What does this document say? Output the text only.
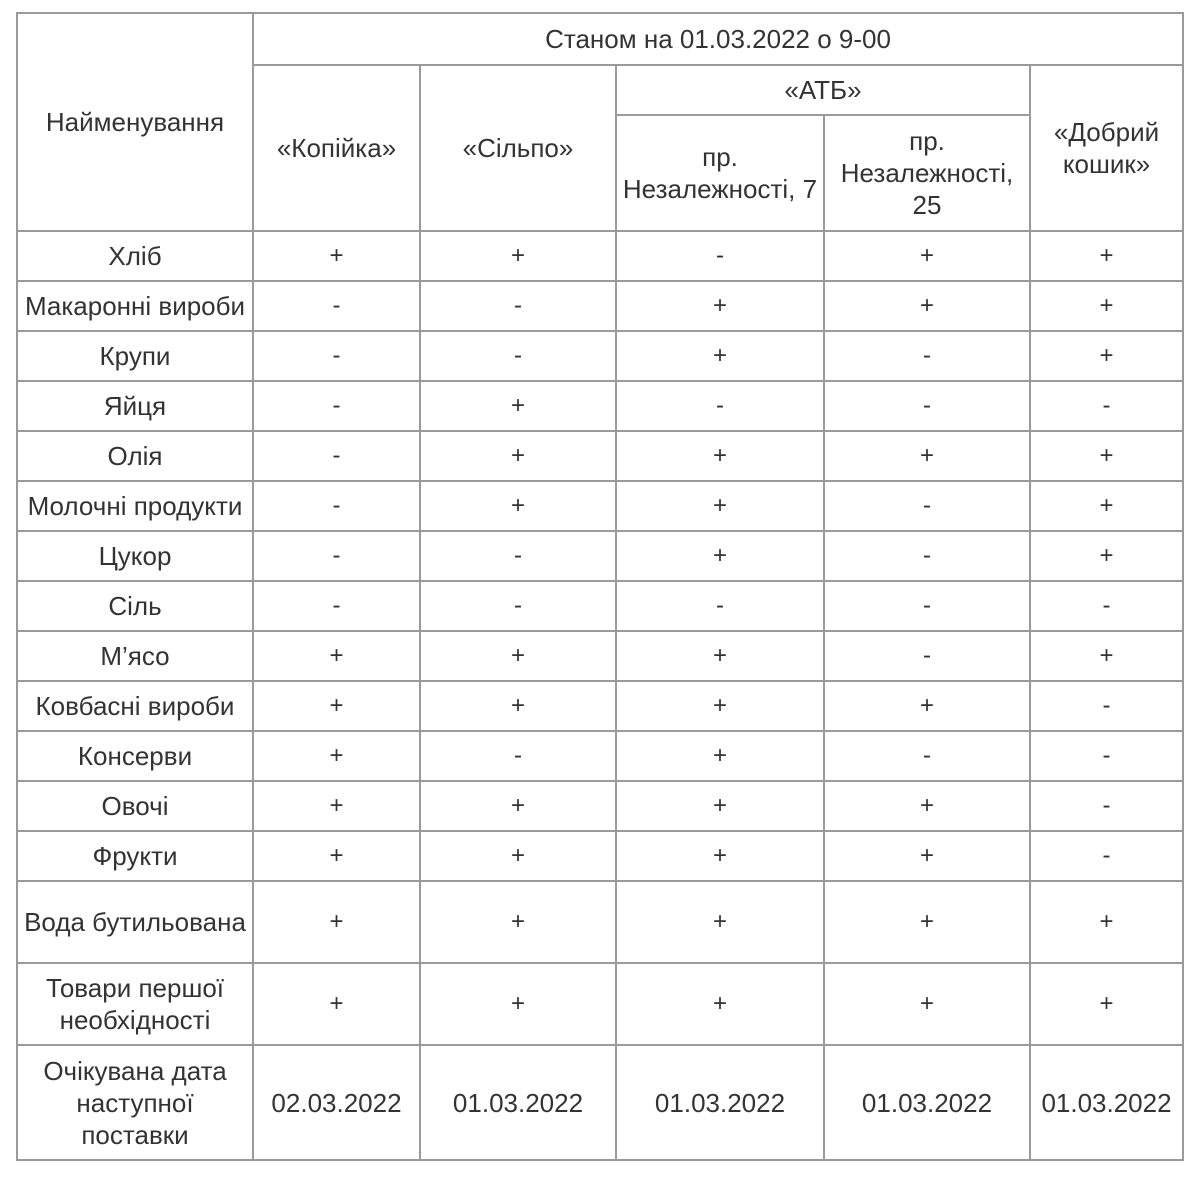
Найменування	Станом на 01.03.2022 о 9-00				
	«Копійка»	«Сільпо»	«АТБ»		«Добрий кошик»
			пр. Незалежності, 7	пр. Незалежності, 25	
Хліб	+	+	-	+	+
Макаронні вироби	-	-	+	+	+
Крупи	-	-	+	-	+
Яйця	-	+	-	-	-
Олія	-	+	+	+	+
Молочні продукти	-	+	+	-	+
Цукор	-	-	+	-	+
Сіль	-	-	-	-	-
М’ясо	+	+	+	-	+
Ковбасні вироби	+	+	+	+	-
Консерви	+	-	+	-	-
Овочі	+	+	+	+	-
Фрукти	+	+	+	+	-
Вода бутильована	+	+	+	+	+
Товари першої необхідності	+	+	+	+	+
Очікувана дата наступної поставки	02.03.2022	01.03.2022	01.03.2022	01.03.2022	01.03.2022
